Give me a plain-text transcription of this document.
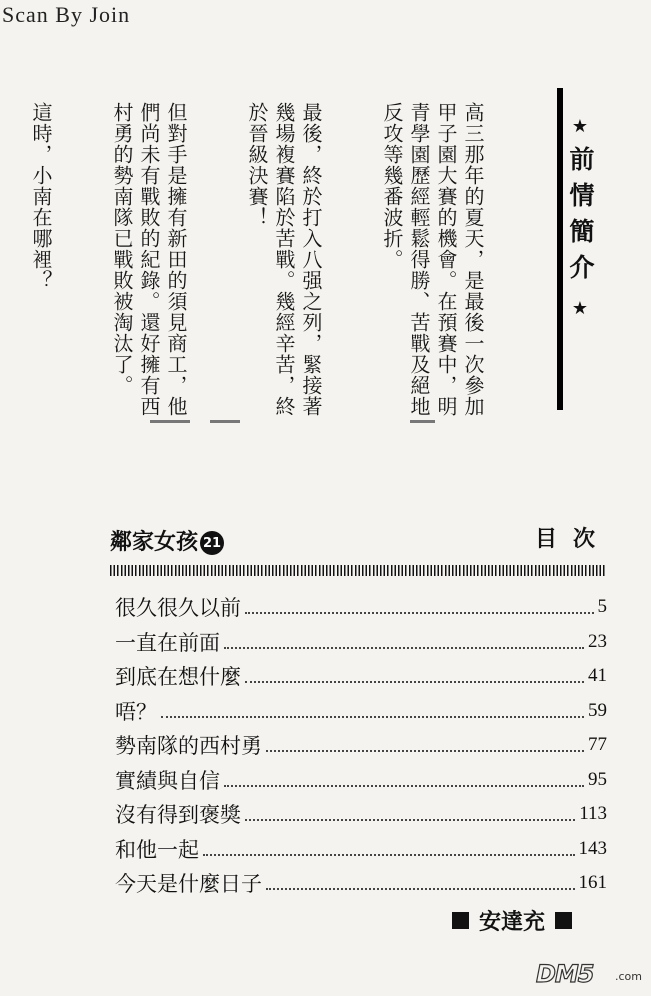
Scan By Join
★
前情簡介
★

高三那年的夏天，是最後一次參加甲子園大賽的機會。在預賽中，明青學園歷經輕鬆得勝、苦戰及絕地反攻等幾番波折。

最後，終於打入八强之列，緊接著幾場複賽陷於苦戰。幾經辛苦，終於晉級決賽！

但對手是擁有新田的須見商工，他們尚未有戰敗的紀錄。還好擁有西村勇的勢南隊已戰敗被淘汰了。

這時，小南在哪裡？

鄰家女孩 21	目次
很久很久以前	5
一直在前面	23
到底在想什麼	41
唔？	59
勢南隊的西村勇	77
實績與自信	95
沒有得到褒獎	113
和他一起	143
今天是什麼日子	161
安達充
DM5 .com
